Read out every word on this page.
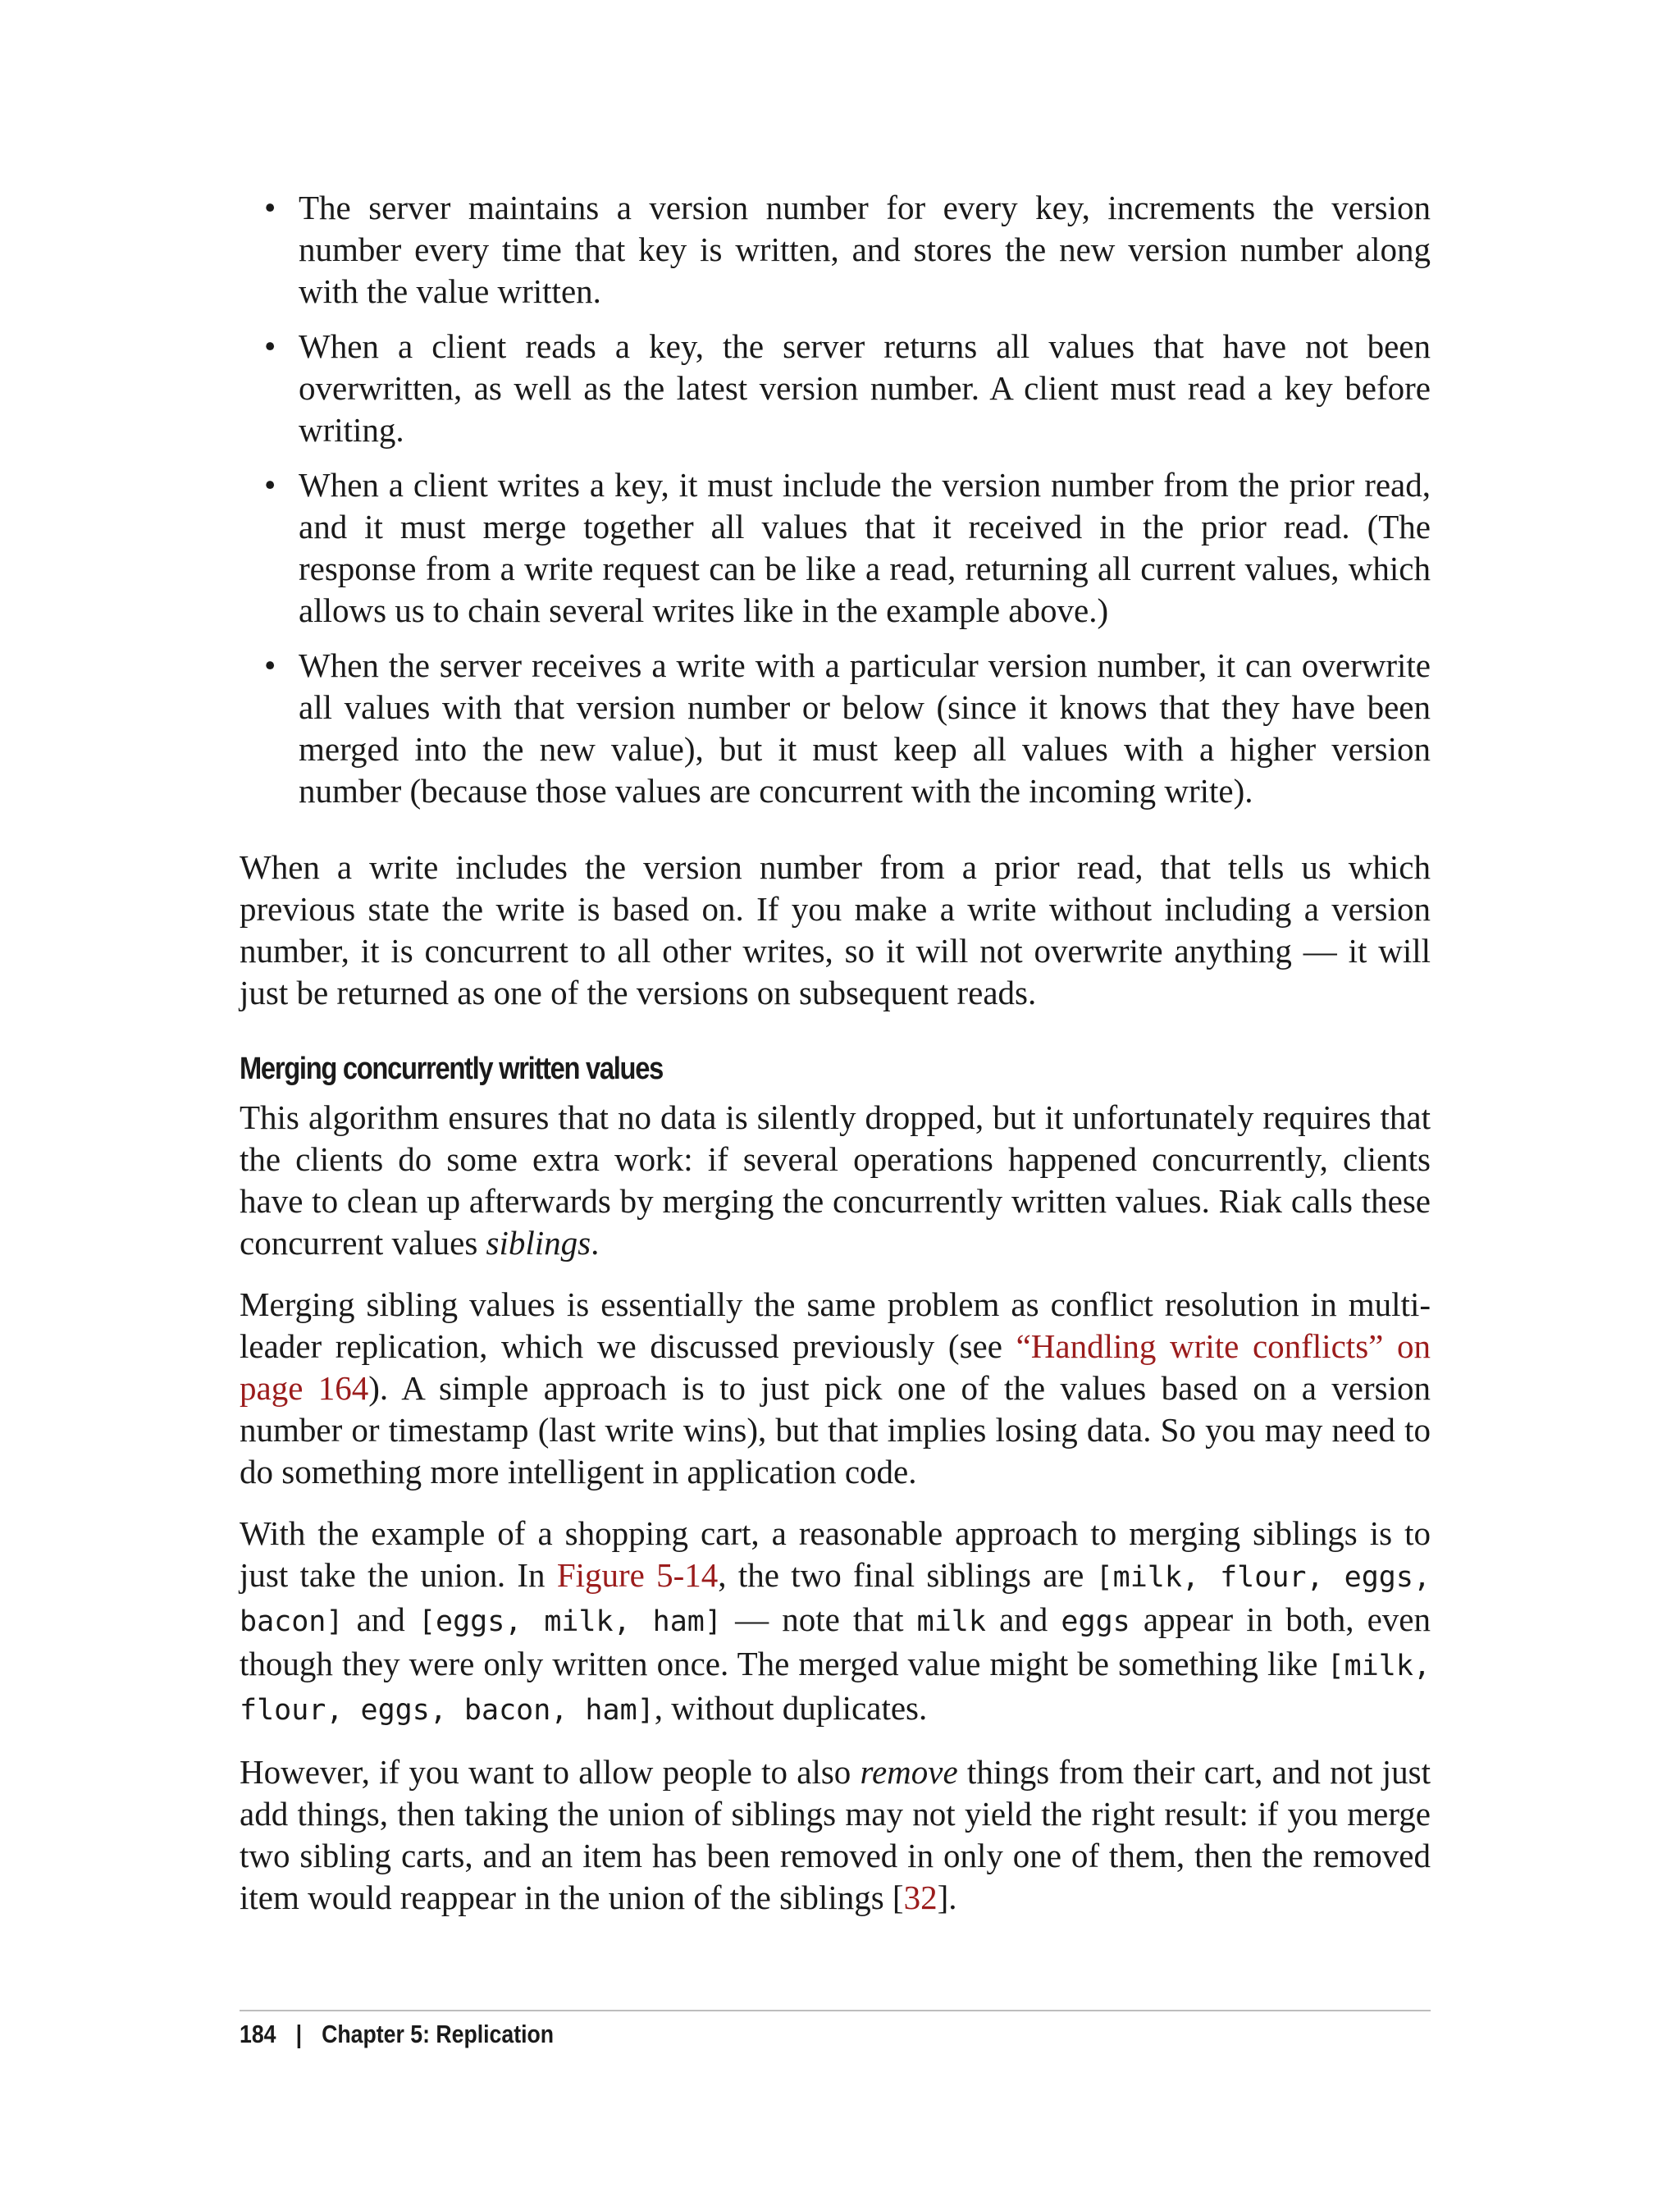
• The server maintains a version number for every key, increments the version number every time that key is written, and stores the new version number along with the value written.
• When a client reads a key, the server returns all values that have not been overwritten, as well as the latest version number. A client must read a key before writing.
• When a client writes a key, it must include the version number from the prior read, and it must merge together all values that it received in the prior read. (The response from a write request can be like a read, returning all current values, which allows us to chain several writes like in the example above.)
• When the server receives a write with a particular version number, it can overwrite all values with that version number or below (since it knows that they have been merged into the new value), but it must keep all values with a higher version number (because those values are concurrent with the incoming write).

When a write includes the version number from a prior read, that tells us which previous state the write is based on. If you make a write without including a version number, it is concurrent to all other writes, so it will not overwrite anything — it will just be returned as one of the versions on subsequent reads.

Merging concurrently written values

This algorithm ensures that no data is silently dropped, but it unfortunately requires that the clients do some extra work: if several operations happened concurrently, clients have to clean up afterwards by merging the concurrently written values. Riak calls these concurrent values siblings.

Merging sibling values is essentially the same problem as conflict resolution in multi-leader replication, which we discussed previously (see “Handling write conflicts” on page 164). A simple approach is to just pick one of the values based on a version number or timestamp (last write wins), but that implies losing data. So you may need to do something more intelligent in application code.

With the example of a shopping cart, a reasonable approach to merging siblings is to just take the union. In Figure 5-14, the two final siblings are [milk, flour, eggs, bacon] and [eggs, milk, ham] — note that milk and eggs appear in both, even though they were only written once. The merged value might be something like [milk, flour, eggs, bacon, ham], without duplicates.

However, if you want to allow people to also remove things from their cart, and not just add things, then taking the union of siblings may not yield the right result: if you merge two sibling carts, and an item has been removed in only one of them, then the removed item would reappear in the union of the siblings [32].

184 | Chapter 5: Replication
